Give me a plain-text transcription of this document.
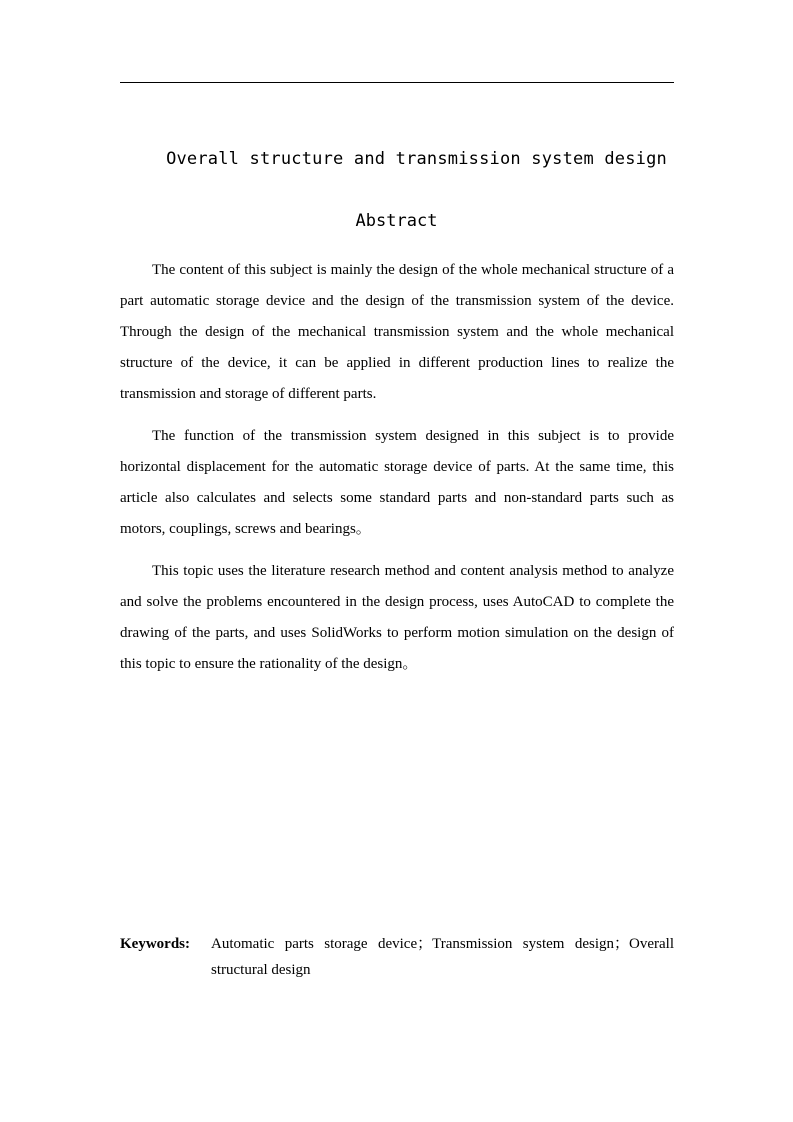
Overall structure and transmission system design
Abstract

The content of this subject is mainly the design of the whole mechanical structure of a part automatic storage device and the design of the transmission system of the device. Through the design of the mechanical transmission system and the whole mechanical structure of the device, it can be applied in different production lines to realize the transmission and storage of different parts.

The function of the transmission system designed in this subject is to provide horizontal displacement for the automatic storage device of parts. At the same time, this article also calculates and selects some standard parts and non-standard parts such as motors, couplings, screws and bearings。

This topic uses the literature research method and content analysis method to analyze and solve the problems encountered in the design process, uses AutoCAD to complete the drawing of the parts, and uses SolidWorks to perform motion simulation on the design of this topic to ensure the rationality of the design。

Keywords:	Automatic parts storage device；Transmission system design；Overall structural design
